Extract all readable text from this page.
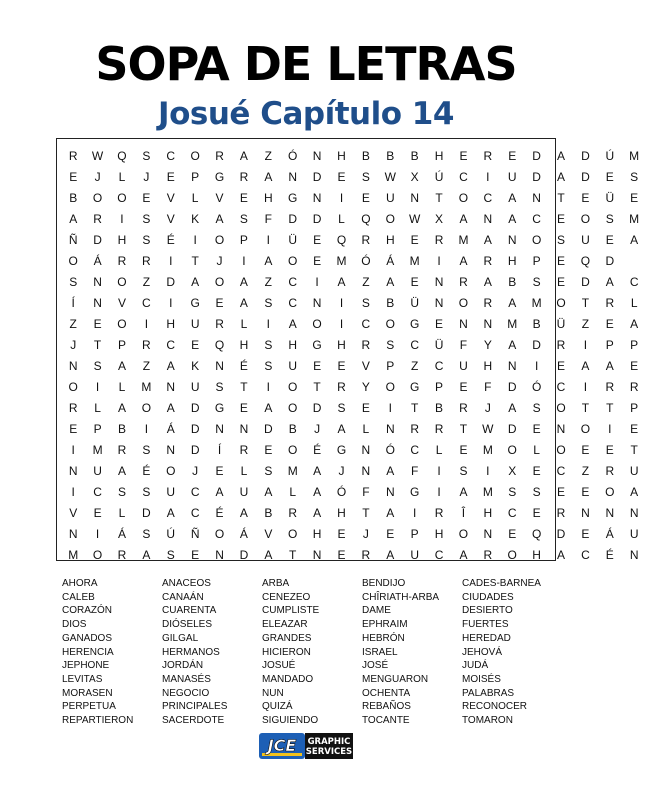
SOPA DE LETRAS
Josué Capítulo 14
R	W	Q	S	C	O	R	A	Z	Ó	N	H	B	B	B	H	E	R	E	D	A	D	Ú	M
E	J	L	J	E	P	G	R	A	N	D	E	S	W	X	Ú	C	I	U	D	A	D	E	S
B	O	O	E	V	L	V	E	H	G	N	I	E	U	N	T	O	C	A	N	T	E	Ü	E
A	R	I	S	V	K	A	S	F	D	D	L	Q	O	W	X	A	N	A	C	E	O	S	M
Ñ	D	H	S	É	I	O	P	I	Ü	E	Q	R	H	E	R	M	A	N	O	S	U	E	A
O	Á	R	R	I	T	J	I	A	O	E	M	Ó	Á	M	I	A	R	H	P	E	Q	D
S	N	O	Z	D	A	O	A	Z	C	I	A	Z	A	E	N	R	A	B	S	E	D	A	C
Í	N	V	C	I	G	E	A	S	C	N	I	S	B	Ü	N	O	R	A	M	O	T	R	L
Z	E	O	I	H	U	R	L	I	A	O	I	C	O	G	E	N	N	M	B	Ü	Z	E	A
J	T	P	R	C	E	Q	H	S	H	G	H	R	S	C	Ü	F	Y	A	D	R	I	P	P
N	S	A	Z	A	K	N	É	S	U	E	E	V	P	Z	C	U	H	N	I	E	A	A	E
O	I	L	M	N	U	S	T	I	O	T	R	Y	O	G	P	E	F	D	Ó	C	I	R	R
R	L	A	O	A	D	G	E	A	O	D	S	E	I	T	B	R	J	A	S	O	T	T	P
E	P	B	I	Á	D	N	N	D	B	J	A	L	N	R	R	T	W	D	E	N	O	I	E
I	M	R	S	N	D	Í	R	E	O	É	G	N	Ó	C	L	E	M	O	L	O	E	E	T
N	U	A	É	O	J	E	L	S	M	A	J	N	A	F	I	S	I	X	E	C	Z	R	U
I	C	S	S	U	C	A	U	A	L	A	Ó	F	N	G	I	A	M	S	S	E	E	O	A
V	E	L	D	A	C	É	A	B	R	A	H	T	A	I	R	Î	H	C	E	R	N	N	N
N	I	Á	S	Ú	Ñ	O	Á	V	O	H	E	J	E	P	H	O	N	E	Q	D	E	Á	U
M	O	R	A	S	E	N	D	A	T	N	E	R	A	U	C	A	R	O	H	A	C	É	N
AHORA
CALEB
CORAZÓN
DIOS
GANADOS
HERENCIA
JEPHONE
LEVITAS
MORASEN
PERPETUA
REPARTIERON
ANACEOS
CANAÁN
CUARENTA
DIÓSELES
GILGAL
HERMANOS
JORDÁN
MANASÉS
NEGOCIO
PRINCIPALES
SACERDOTE
ARBA
CENEZEO
CUMPLISTE
ELEAZAR
GRANDES
HICIERON
JOSUÉ
MANDADO
NUN
QUIZÁ
SIGUIENDO
BENDIJO
CHÎRIATH-ARBA
DAME
EPHRAIM
HEBRÓN
ISRAEL
JOSÉ
MENGUARON
OCHENTA
REBAÑOS
TOCANTE
CADES-BARNEA
CIUDADES
DESIERTO
FUERTES
HEREDAD
JEHOVÁ
JUDÁ
MOISÉS
PALABRAS
RECONOCER
TOMARON
JCE GRAPHIC
SERVICES
